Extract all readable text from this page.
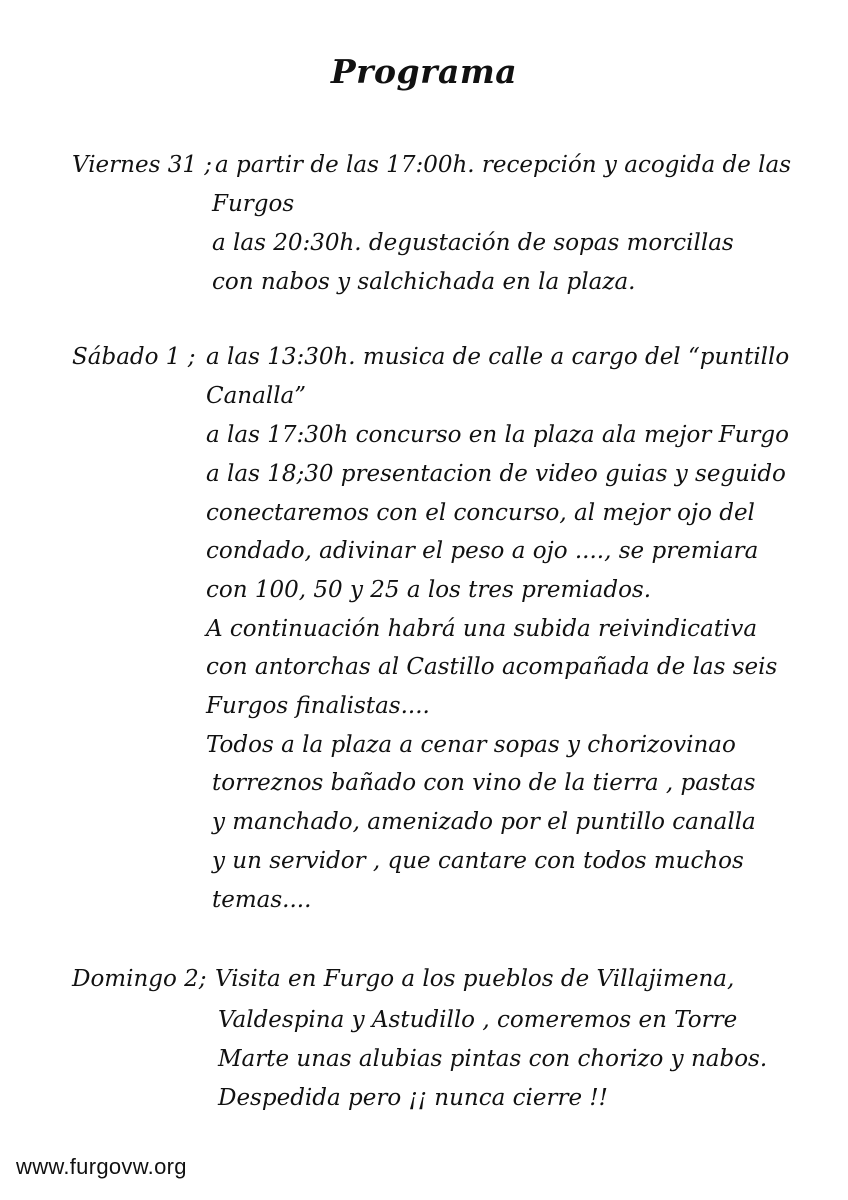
Programa
Viernes 31 ; a partir de las 17:00h. recepción y acogida de las
Furgos
a las 20:30h. degustación de sopas morcillas
con nabos y salchichada en la plaza.
Sábado 1 ; a las 13:30h. musica de calle a cargo del “puntillo
Canalla”
a las 17:30h concurso en la plaza ala mejor Furgo
a las 18;30 presentacion de video guias y seguido
conectaremos con el concurso, al mejor ojo del
condado, adivinar el peso a ojo ...., se premiara
con 100, 50 y 25 a los tres premiados.
A continuación habrá una subida reivindicativa
con antorchas al Castillo acompañada de las seis
Furgos finalistas....
Todos a la plaza a cenar sopas y chorizovinao
torreznos bañado con vino de la tierra , pastas
y manchado, amenizado por el puntillo canalla
y un servidor , que cantare con todos muchos
temas....
Domingo 2; Visita en Furgo a los pueblos de Villajimena,
Valdespina y Astudillo , comeremos en Torre
Marte unas alubias pintas con chorizo y nabos.
Despedida pero ¡¡ nunca cierre !!
www.furgovw.org
